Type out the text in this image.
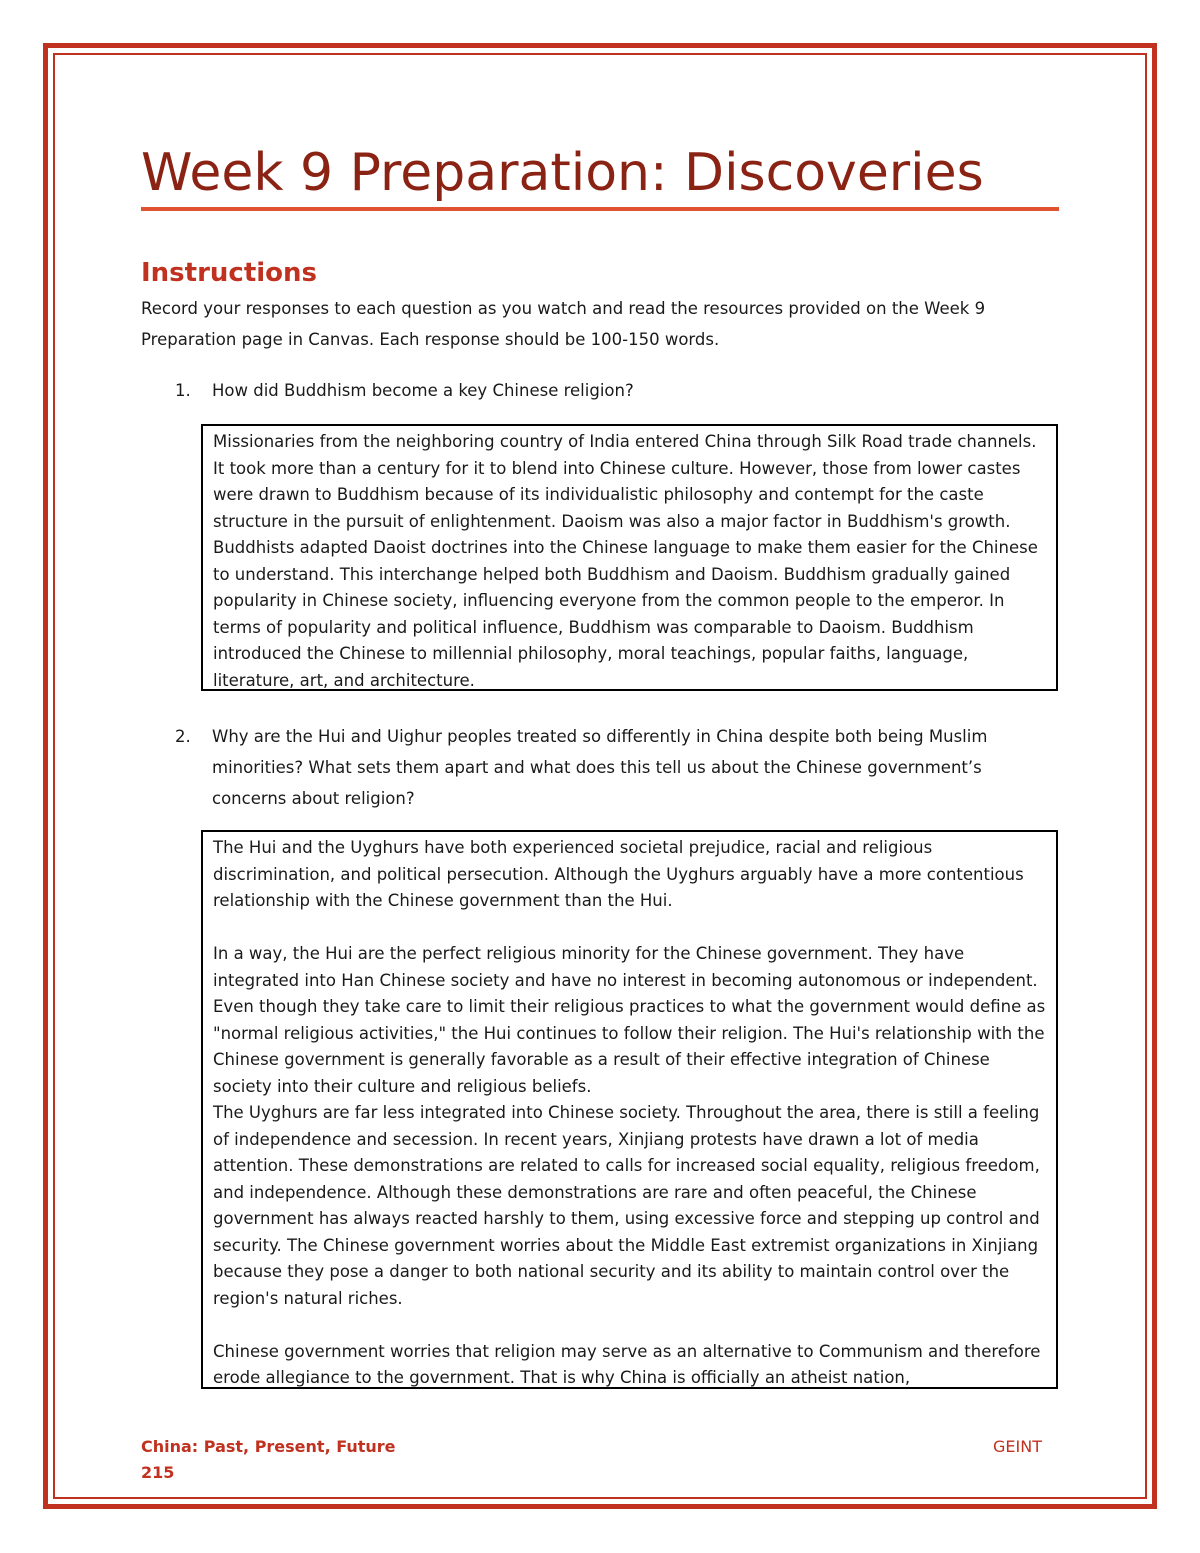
Week 9 Preparation: Discoveries
Instructions

Record your responses to each question as you watch and read the resources provided on the Week 9 Preparation page in Canvas. Each response should be 100-150 words.

1. How did Buddhism become a key Chinese religion?

Missionaries from the neighboring country of India entered China through Silk Road trade channels. It took more than a century for it to blend into Chinese culture. However, those from lower castes were drawn to Buddhism because of its individualistic philosophy and contempt for the caste structure in the pursuit of enlightenment. Daoism was also a major factor in Buddhism's growth. Buddhists adapted Daoist doctrines into the Chinese language to make them easier for the Chinese to understand. This interchange helped both Buddhism and Daoism. Buddhism gradually gained popularity in Chinese society, influencing everyone from the common people to the emperor. In terms of popularity and political influence, Buddhism was comparable to Daoism. Buddhism introduced the Chinese to millennial philosophy, moral teachings, popular faiths, language, literature, art, and architecture.

2. Why are the Hui and Uighur peoples treated so differently in China despite both being Muslim minorities? What sets them apart and what does this tell us about the Chinese government’s concerns about religion?

The Hui and the Uyghurs have both experienced societal prejudice, racial and religious discrimination, and political persecution. Although the Uyghurs arguably have a more contentious relationship with the Chinese government than the Hui.

In a way, the Hui are the perfect religious minority for the Chinese government. They have integrated into Han Chinese society and have no interest in becoming autonomous or independent. Even though they take care to limit their religious practices to what the government would define as "normal religious activities," the Hui continues to follow their religion. The Hui's relationship with the Chinese government is generally favorable as a result of their effective integration of Chinese society into their culture and religious beliefs.

The Uyghurs are far less integrated into Chinese society. Throughout the area, there is still a feeling of independence and secession. In recent years, Xinjiang protests have drawn a lot of media attention. These demonstrations are related to calls for increased social equality, religious freedom, and independence. Although these demonstrations are rare and often peaceful, the Chinese government has always reacted harshly to them, using excessive force and stepping up control and security. The Chinese government worries about the Middle East extremist organizations in Xinjiang because they pose a danger to both national security and its ability to maintain control over the region's natural riches.

Chinese government worries that religion may serve as an alternative to Communism and therefore erode allegiance to the government. That is why China is officially an atheist nation,

China: Past, Present, Future
215

GEINT
